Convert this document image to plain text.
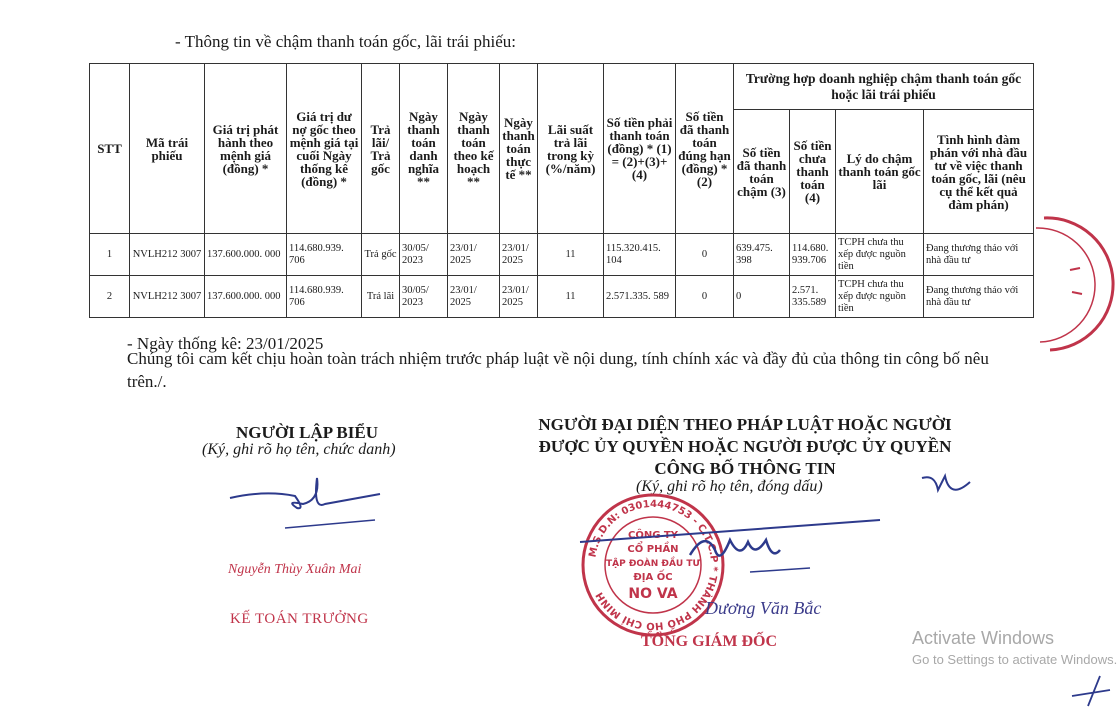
- Thông tin về chậm thanh toán gốc, lãi trái phiếu:
STT	Mã trái phiếu	Giá trị phát hành theo mệnh giá (đồng) *	Giá trị dư nợ gốc theo mệnh giá tại cuối Ngày thống kê (đồng) *	Trả lãi/ Trả gốc	Ngày thanh toán danh nghĩa **	Ngày thanh toán theo kế hoạch **	Ngày thanh toán thực tế **	Lãi suất trả lãi trong kỳ (%/năm)	Số tiền phải thanh toán (đồng) * (1) = (2)+(3)+(4)	Số tiền đã thanh toán đúng hạn (đồng) * (2)	Trường hợp doanh nghiệp chậm thanh toán gốc hoặc lãi trái phiếu			
											Số tiền đã thanh toán chậm (3)	Số tiền chưa thanh toán (4)	Lý do chậm thanh toán gốc lãi	Tình hình đàm phán với nhà đầu tư về việc thanh toán gốc, lãi (nêu cụ thể kết quả đàm phán)
1	NVLH212 3007	137.600.000. 000	114.680.939. 706	Trả gốc	30/05/ 2023	23/01/ 2025	23/01/ 2025	11	115.320.415. 104	0	639.475. 398	114.680. 939.706	TCPH chưa thu xếp được nguồn tiền	Đang thương thảo với nhà đầu tư
2	NVLH212 3007	137.600.000. 000	114.680.939. 706	Trả lãi	30/05/ 2023	23/01/ 2025	23/01/ 2025	11	2.571.335. 589	0	0	2.571. 335.589	TCPH chưa thu xếp được nguồn tiền	Đang thương thảo với nhà đầu tư
- Ngày thống kê: 23/01/2025
Chúng tôi cam kết chịu hoàn toàn trách nhiệm trước pháp luật về nội dung, tính chính xác và đầy đủ của thông tin công bố nêu trên./.
NGƯỜI LẬP BIỂU
(Ký, ghi rõ họ tên, chức danh)
Nguyễn Thùy Xuân Mai
KẾ TOÁN TRƯỞNG
NGƯỜI ĐẠI DIỆN THEO PHÁP LUẬT HOẶC NGƯỜI ĐƯỢC ỦY QUYỀN HOẶC NGƯỜI ĐƯỢC ỦY QUYỀN CÔNG BỐ THÔNG TIN
(Ký, ghi rõ họ tên, đóng dấu)
M.S.D.N: 0301444753 - C.T.C.P * THÀNH PHỐ HỒ CHÍ MINH
CÔNG TY
CỔ PHẦN
TẬP ĐOÀN ĐẦU TƯ
ĐỊA ỐC
NO VA
Dương Văn Bắc
TỔNG GIÁM ĐỐC	Activate Windows
Go to Settings to activate Windows.
